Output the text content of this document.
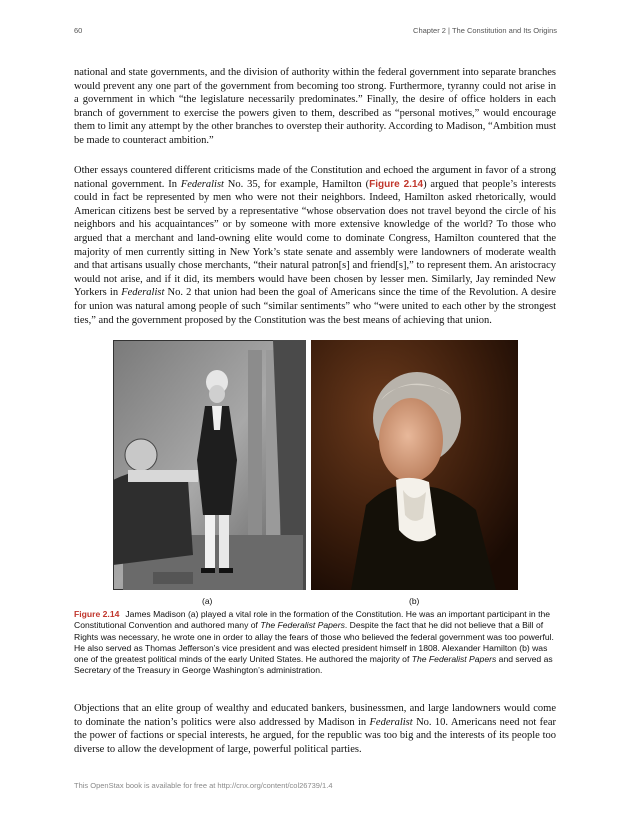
60	Chapter 2 | The Constitution and Its Origins

national and state governments, and the division of authority within the federal government into separate branches would prevent any one part of the government from becoming too strong. Furthermore, tyranny could not arise in a government in which “the legislature necessarily predominates.” Finally, the desire of office holders in each branch of government to exercise the powers given to them, described as “personal motives,” would encourage them to limit any attempt by the other branches to overstep their authority. According to Madison, “Ambition must be made to counteract ambition.”

Other essays countered different criticisms made of the Constitution and echoed the argument in favor of a strong national government. In Federalist No. 35, for example, Hamilton (Figure 2.14) argued that people’s interests could in fact be represented by men who were not their neighbors. Indeed, Hamilton asked rhetorically, would American citizens best be served by a representative “whose observation does not travel beyond the circle of his neighbors and his acquaintances” or by someone with more extensive knowledge of the world? To those who argued that a merchant and land-owning elite would come to dominate Congress, Hamilton countered that the majority of men currently sitting in New York’s state senate and assembly were landowners of moderate wealth and that artisans usually chose merchants, “their natural patron[s] and friend[s],” to represent them. An aristocracy would not arise, and if it did, its members would have been chosen by lesser men. Similarly, Jay reminded New Yorkers in Federalist No. 2 that union had been the goal of Americans since the time of the Revolution. A desire for union was natural among people of such “similar sentiments” who “were united to each other by the strongest ties,” and the government proposed by the Constitution was the best means of achieving that union.

(a)	(b)
Figure 2.14 James Madison (a) played a vital role in the formation of the Constitution. He was an important participant in the Constitutional Convention and authored many of The Federalist Papers. Despite the fact that he did not believe that a Bill of Rights was necessary, he wrote one in order to allay the fears of those who believed the federal government was too powerful. He also served as Thomas Jefferson’s vice president and was elected president himself in 1808. Alexander Hamilton (b) was one of the greatest political minds of the early United States. He authored the majority of The Federalist Papers and served as Secretary of the Treasury in George Washington’s administration.

Objections that an elite group of wealthy and educated bankers, businessmen, and large landowners would come to dominate the nation’s politics were also addressed by Madison in Federalist No. 10. Americans need not fear the power of factions or special interests, he argued, for the republic was too big and the interests of its people too diverse to allow the development of large, powerful political parties.

This OpenStax book is available for free at http://cnx.org/content/col26739/1.4
